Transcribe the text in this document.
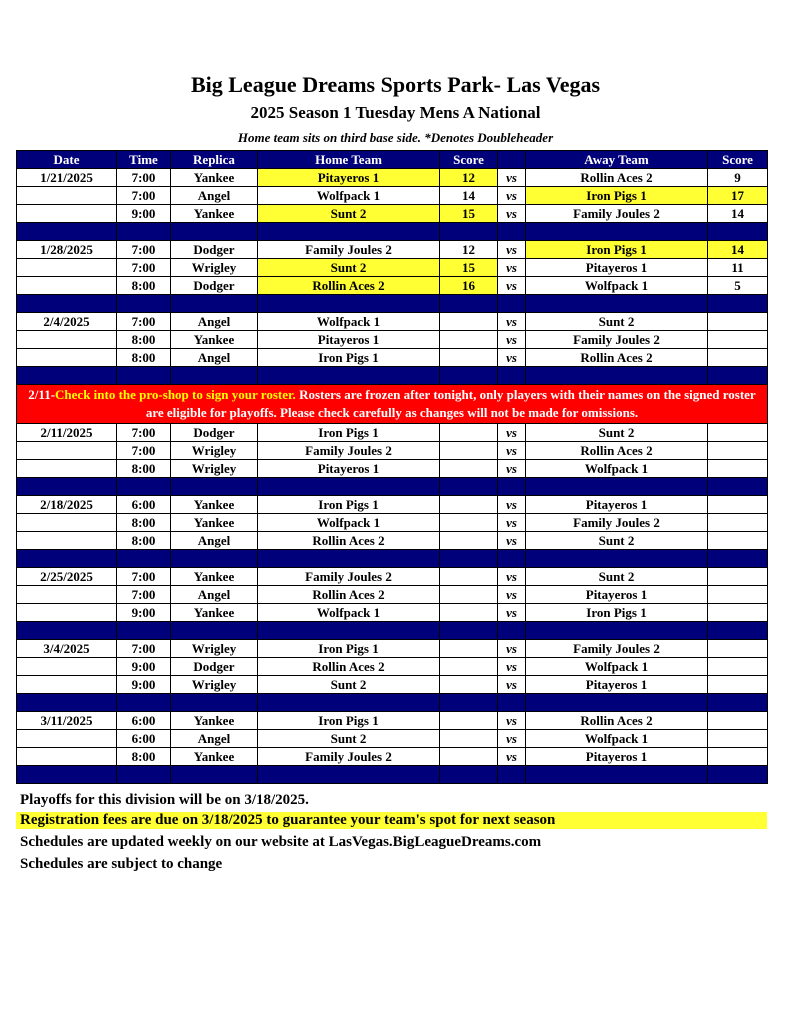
Big League Dreams Sports Park- Las Vegas
2025 Season 1 Tuesday Mens A National
Home team sits on third base side. *Denotes Doubleheader
Date	Time	Replica	Home Team	Score		Away Team	Score
1/21/2025	7:00	Yankee	Pitayeros 1	12	vs	Rollin Aces 2	9
	7:00	Angel	Wolfpack 1	14	vs	Iron Pigs 1	17
	9:00	Yankee	Sunt 2	15	vs	Family Joules 2	14

1/28/2025	7:00	Dodger	Family Joules 2	12	vs	Iron Pigs 1	14
	7:00	Wrigley	Sunt 2	15	vs	Pitayeros 1	11
	8:00	Dodger	Rollin Aces 2	16	vs	Wolfpack 1	5

2/4/2025	7:00	Angel	Wolfpack 1		vs	Sunt 2	
	8:00	Yankee	Pitayeros 1		vs	Family Joules 2	
	8:00	Angel	Iron Pigs 1		vs	Rollin Aces 2	

2/11-Check into the pro-shop to sign your roster. Rosters are frozen after tonight, only players with their names on the signed roster are eligible for playoffs. Please check carefully as changes will not be made for omissions.							
2/11/2025	7:00	Dodger	Iron Pigs 1		vs	Sunt 2	
	7:00	Wrigley	Family Joules 2		vs	Rollin Aces 2	
	8:00	Wrigley	Pitayeros 1		vs	Wolfpack 1	

2/18/2025	6:00	Yankee	Iron Pigs 1		vs	Pitayeros 1	
	8:00	Yankee	Wolfpack 1		vs	Family Joules 2	
	8:00	Angel	Rollin Aces 2		vs	Sunt 2	

2/25/2025	7:00	Yankee	Family Joules 2		vs	Sunt 2	
	7:00	Angel	Rollin Aces 2		vs	Pitayeros 1	
	9:00	Yankee	Wolfpack 1		vs	Iron Pigs 1	

3/4/2025	7:00	Wrigley	Iron Pigs 1		vs	Family Joules 2	
	9:00	Dodger	Rollin Aces 2		vs	Wolfpack 1	
	9:00	Wrigley	Sunt 2		vs	Pitayeros 1	

3/11/2025	6:00	Yankee	Iron Pigs 1		vs	Rollin Aces 2	
	6:00	Angel	Sunt 2		vs	Wolfpack 1	
	8:00	Yankee	Family Joules 2		vs	Pitayeros 1	

Playoffs for this division will be on 3/18/2025.
Registration fees are due on 3/18/2025 to guarantee your team's spot for next season
Schedules are updated weekly on our website at LasVegas.BigLeagueDreams.com
Schedules are subject to change
